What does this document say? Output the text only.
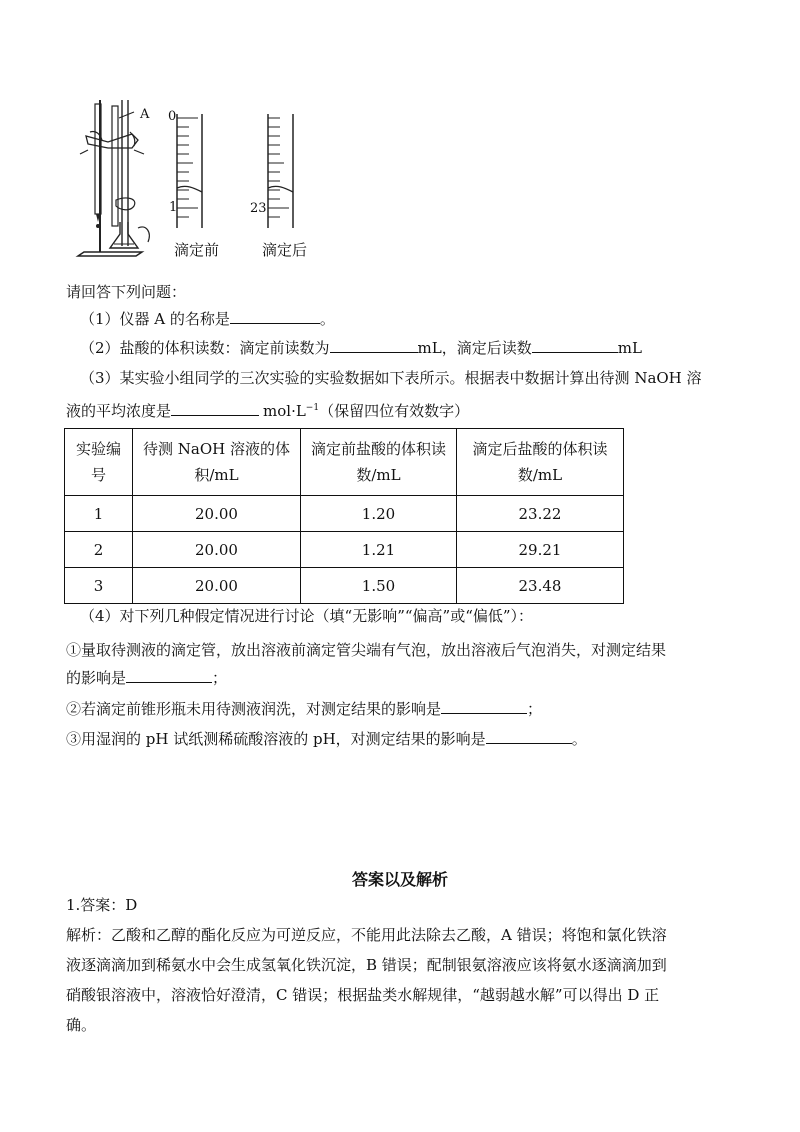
A 0
1	23
滴定前	滴定后
请回答下列问题：
（1）仪器 A 的名称是	。
（2）盐酸的体积读数：滴定前读数为	mL，滴定后读数	mL
（3）某实验小组同学的三次实验的实验数据如下表所示。根据表中数据计算出待测 NaOH 溶
液的平均浓度是	$mol\cdot L^{-1}$（保留四位有效数字）
实验编号	待测 NaOH 溶液的体积/mL	滴定前盐酸的体积读数/mL	滴定后盐酸的体积读数/mL
1	20.00	1.20	23.22
2	20.00	1.21	29.21
3	20.00	1.50	23.48
（4）对下列几种假定情况进行讨论（填“无影响”“偏高”或“偏低”）：
①量取待测液的滴定管，放出溶液前滴定管尖端有气泡，放出溶液后气泡消失，对测定结果
的影响是	；
②若滴定前锥形瓶未用待测液润洗，对测定结果的影响是	；
③用湿润的 pH 试纸测稀硫酸溶液的 pH，对测定结果的影响是	。
答案以及解析
1.答案：D
解析：乙酸和乙醇的酯化反应为可逆反应，不能用此法除去乙酸，A 错误；将饱和氯化铁溶
液逐滴滴加到稀氨水中会生成氢氧化铁沉淀，B 错误；配制银氨溶液应该将氨水逐滴滴加到
硝酸银溶液中，溶液恰好澄清，C 错误；根据盐类水解规律，“越弱越水解”可以得出 D 正
确。
